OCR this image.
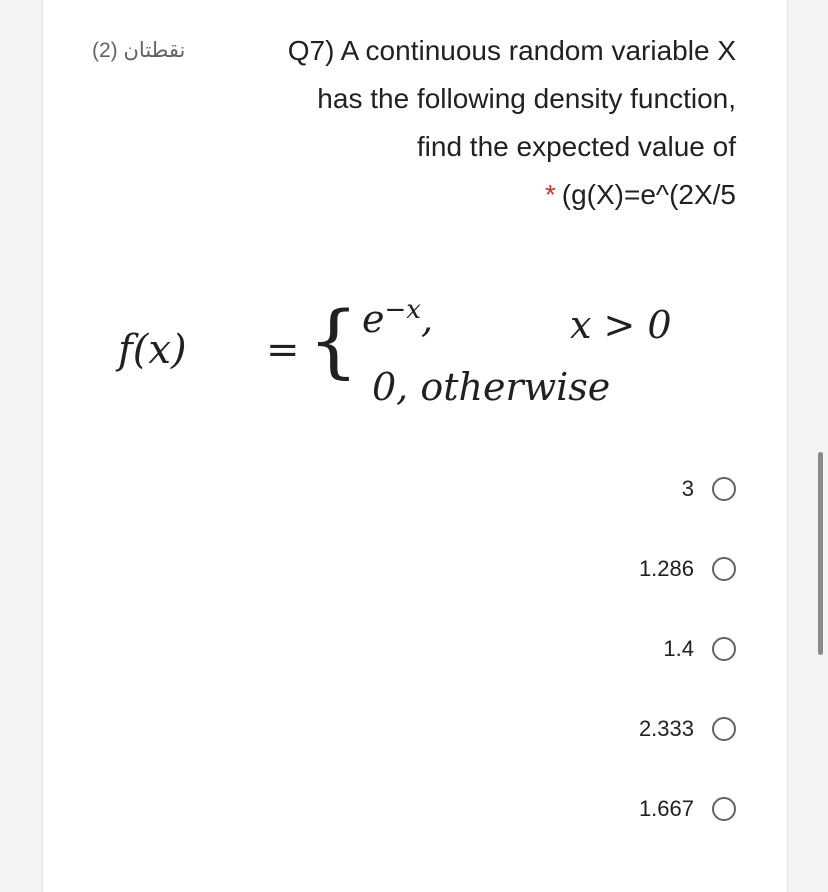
(2) نقطتان	Q7) A continuous random variable X
has the following density function,
find the expected value of
* (g(X)=e^(2X/5
f(x) = { $e^{-x}$,	x > 0
0, otherwise
3
1.286
1.4
2.333
1.667
